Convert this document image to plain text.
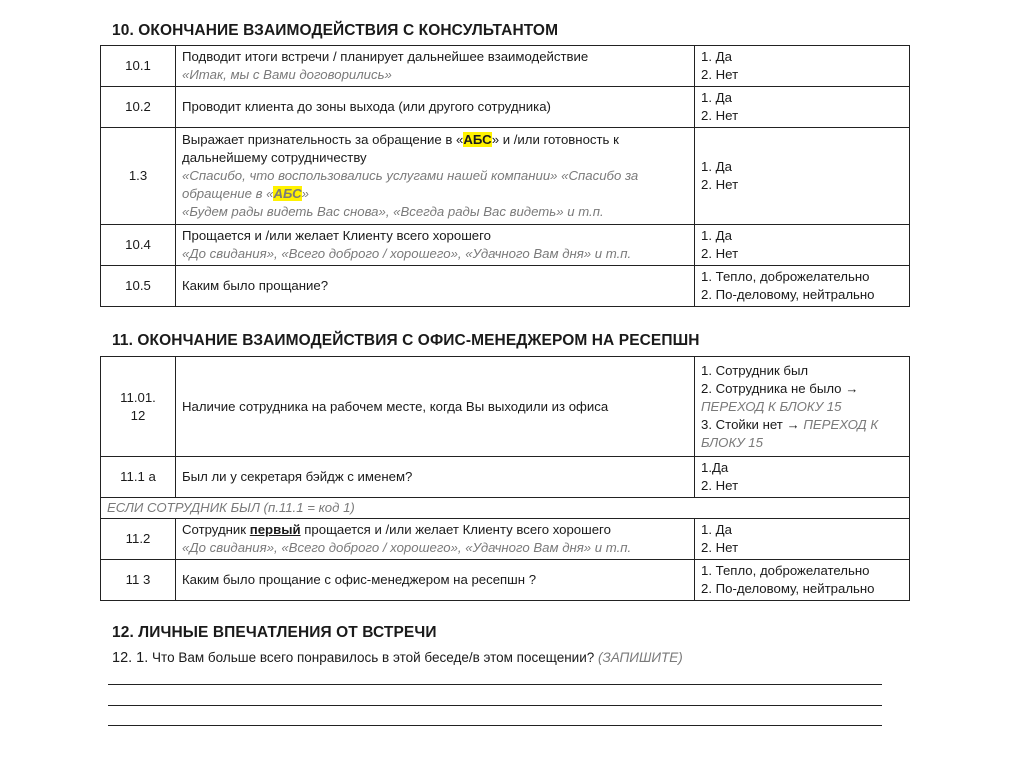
10. ОКОНЧАНИЕ ВЗАИМОДЕЙСТВИЯ С КОНСУЛЬТАНТОМ
10.1	Подводит итоги встречи / планирует дальнейшее взаимодействие
«Итак, мы с Вами договорились»	1. Да
2. Нет

10.2	Проводит клиента до зоны выхода (или другого сотрудника)	1. Да
2. Нет

1.3	Выражает признательность за обращение в «АБС» и /или готовность к
дальнейшему сотрудничеству
«Спасибо, что воспользовались услугами нашей компании» «Спасибо за
обращение в «АБС»
«Будем рады видеть Вас снова», «Всегда рады Вас видеть» и т.п.	1. Да
2. Нет

10.4	Прощается и /или желает Клиенту всего хорошего
«До свидания», «Всего доброго / хорошего», «Удачного Вам дня» и т.п.	1. Да
2. Нет

10.5	Каким было прощание?	1. Тепло, доброжелательно
2. По-деловому, нейтрально
11. ОКОНЧАНИЕ ВЗАИМОДЕЙСТВИЯ С ОФИС-МЕНЕДЖЕРОМ НА РЕСЕПШН
11.01.
12	Наличие сотрудника на рабочем месте, когда Вы выходили из офиса	1. Сотрудник был
2. Сотрудника не было →
ПЕРЕХОД К БЛОКУ 15
3. Стойки нет → ПЕРЕХОД К
БЛОКУ 15

11.1 а	Был ли у секретаря бэйдж с именем?	1.Да
2. Нет

ЕСЛИ СОТРУДНИК БЫЛ (п.11.1 = код 1)		
11.2	Сотрудник первый прощается и /или желает Клиенту всего хорошего
«До свидания», «Всего доброго / хорошего», «Удачного Вам дня» и т.п.	1. Да
2. Нет

11 3	Каким было прощание с офис-менеджером на ресепшн ?	1. Тепло, доброжелательно
2. По-деловому, нейтрально
12. ЛИЧНЫЕ ВПЕЧАТЛЕНИЯ ОТ ВСТРЕЧИ
12. 1. Что Вам больше всего понравилось в этой беседе/в этом посещении? (ЗАПИШИТЕ)
